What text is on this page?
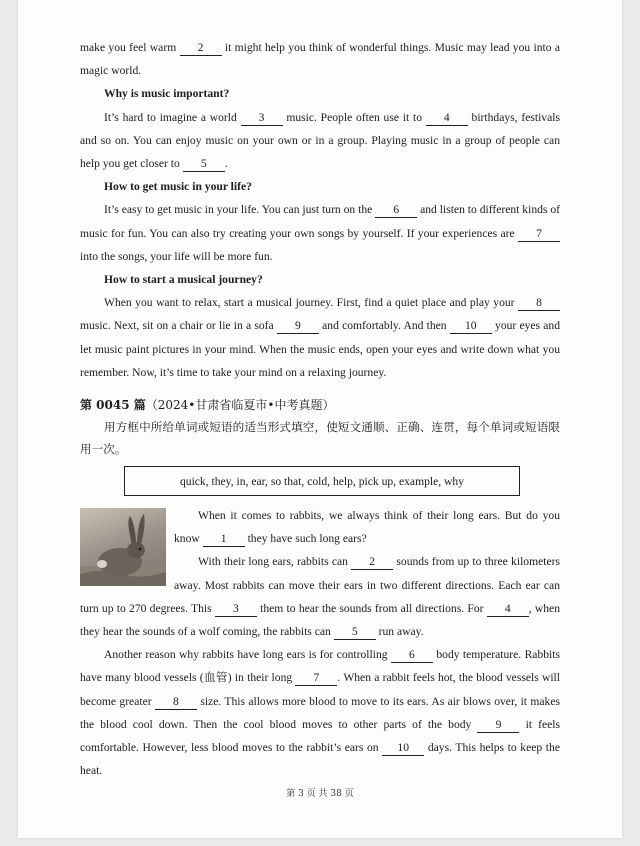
make you feel warm 2 it might help you think of wonderful things. Music may lead you into a magic world.

Why is music important?

It’s hard to imagine a world 3 music. People often use it to 4 birthdays, festivals and so on. You can enjoy music on your own or in a group. Playing music in a group of people can help you get closer to 5 .

How to get music in your life?

It’s easy to get music in your life. You can just turn on the 6 and listen to different kinds of music for fun. You can also try creating your own songs by yourself. If your experiences are 7 into the songs, your life will be more fun.

How to start a musical journey?

When you want to relax, start a musical journey. First, find a quiet place and play your 8 music. Next, sit on a chair or lie in a sofa 9 and comfortably. And then 10 your eyes and let music paint pictures in your mind. When the music ends, open your eyes and write down what you remember. Now, it’s time to take your mind on a relaxing journey.

第 0045 篇（2024•甘肃省临夏市•中考真题）

用方框中所给单词或短语的适当形式填空，使短文通顺、正确、连贯，每个单词或短语限用一次。

quick, they, in, ear, so that, cold, help, pick up, example, why

When it comes to rabbits, we always think of their long ears. But do you know 1 they have such long ears?

With their long ears, rabbits can 2 sounds from up to three kilometers away. Most rabbits can move their ears in two different directions. Each ear can turn up to 270 degrees. This 3 them to hear the sounds from all directions. For 4 , when they hear the sounds of a wolf coming, the rabbits can 5 run away.

Another reason why rabbits have long ears is for controlling 6 body temperature. Rabbits have many blood vessels (血管) in their long 7 . When a rabbit feels hot, the blood vessels will become greater 8 size. This allows more blood to move to its ears. As air blows over, it makes the blood cool down. Then the cool blood moves to other parts of the body 9 it feels comfortable. However, less blood moves to the rabbit’s ears on 10 days. This helps to keep the heat.

第 3 页 共 38 页
